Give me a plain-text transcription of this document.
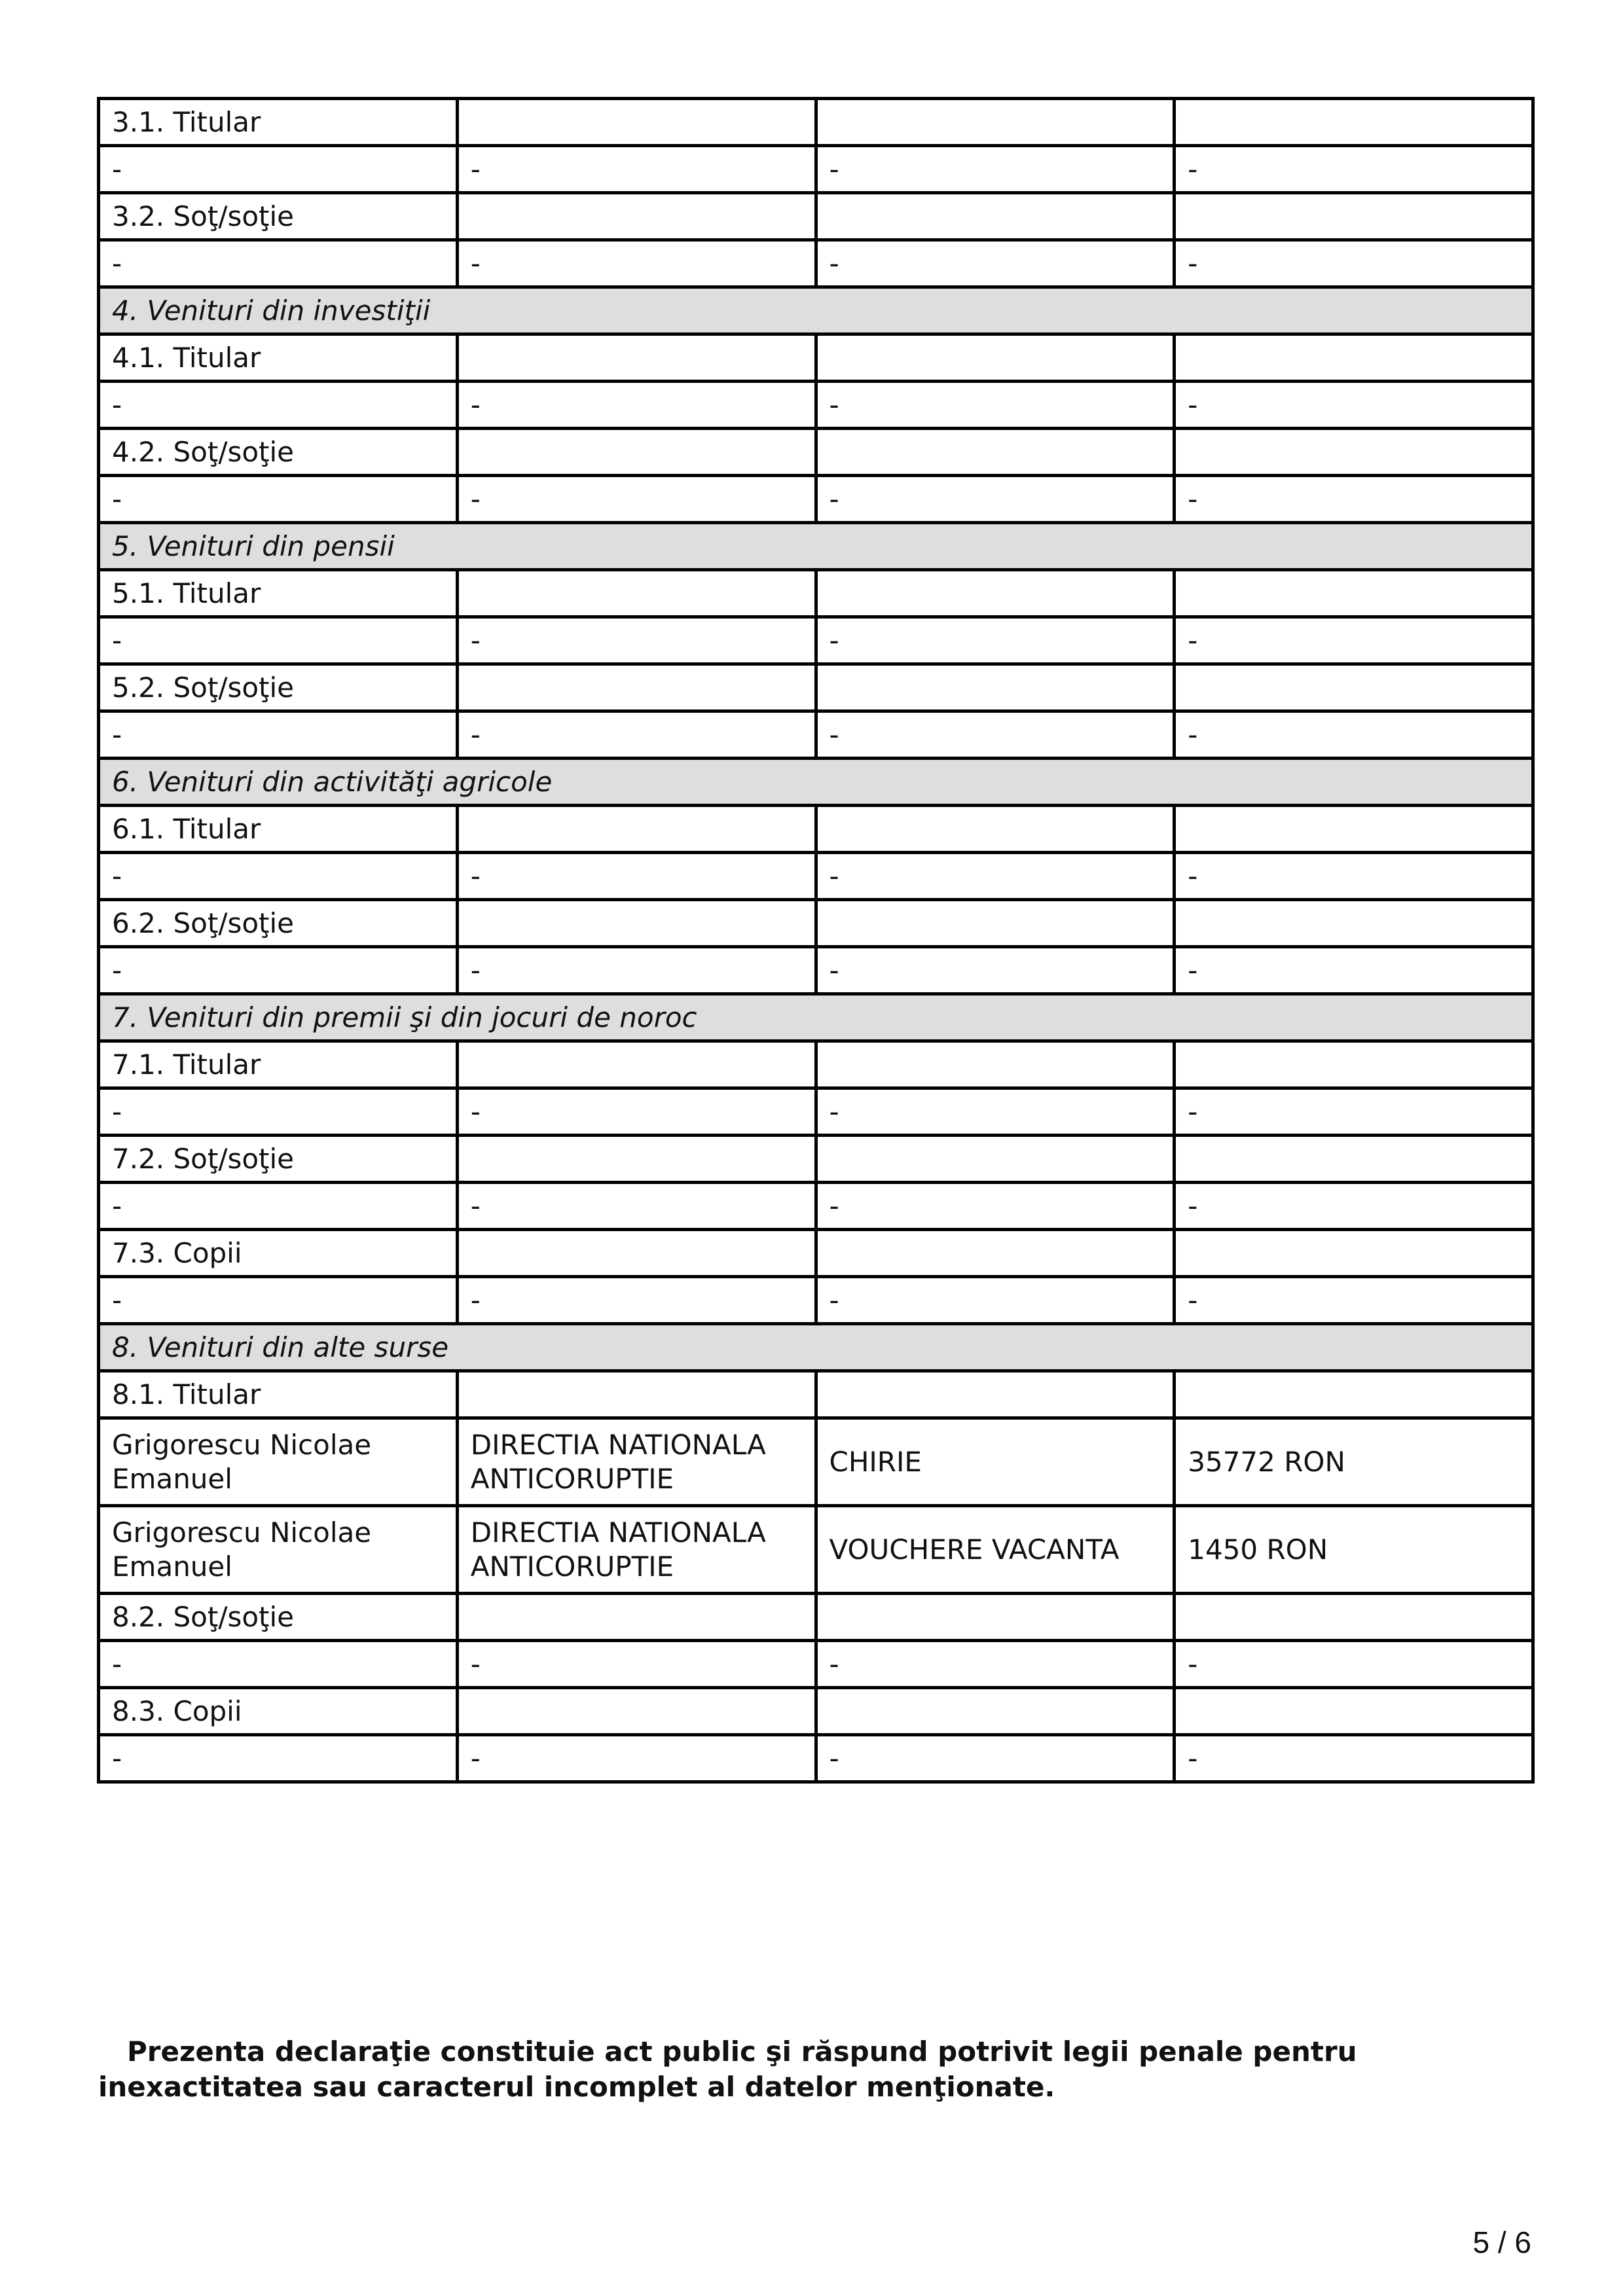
3.1. Titular			
-	-	-	-
3.2. Soţ/soţie			
-	-	-	-
4. Venituri din investiţii			
4.1. Titular			
-	-	-	-
4.2. Soţ/soţie			
-	-	-	-
5. Venituri din pensii			
5.1. Titular			
-	-	-	-
5.2. Soţ/soţie			
-	-	-	-
6. Venituri din activităţi agricole			
6.1. Titular			
-	-	-	-
6.2. Soţ/soţie			
-	-	-	-
7. Venituri din premii şi din jocuri de noroc			
7.1. Titular			
-	-	-	-
7.2. Soţ/soţie			
-	-	-	-
7.3. Copii			
-	-	-	-
8. Venituri din alte surse			
8.1. Titular			
Grigorescu Nicolae Emanuel	DIRECTIA NATIONALA ANTICORUPTIE	CHIRIE	35772 RON
Grigorescu Nicolae Emanuel	DIRECTIA NATIONALA ANTICORUPTIE	VOUCHERE VACANTA	1450 RON
8.2. Soţ/soţie			
-	-	-	-
8.3. Copii			
-	-	-	-

Prezenta declaraţie constituie act public şi răspund potrivit legii penale pentru inexactitatea sau caracterul incomplet al datelor menţionate.

5 / 6
